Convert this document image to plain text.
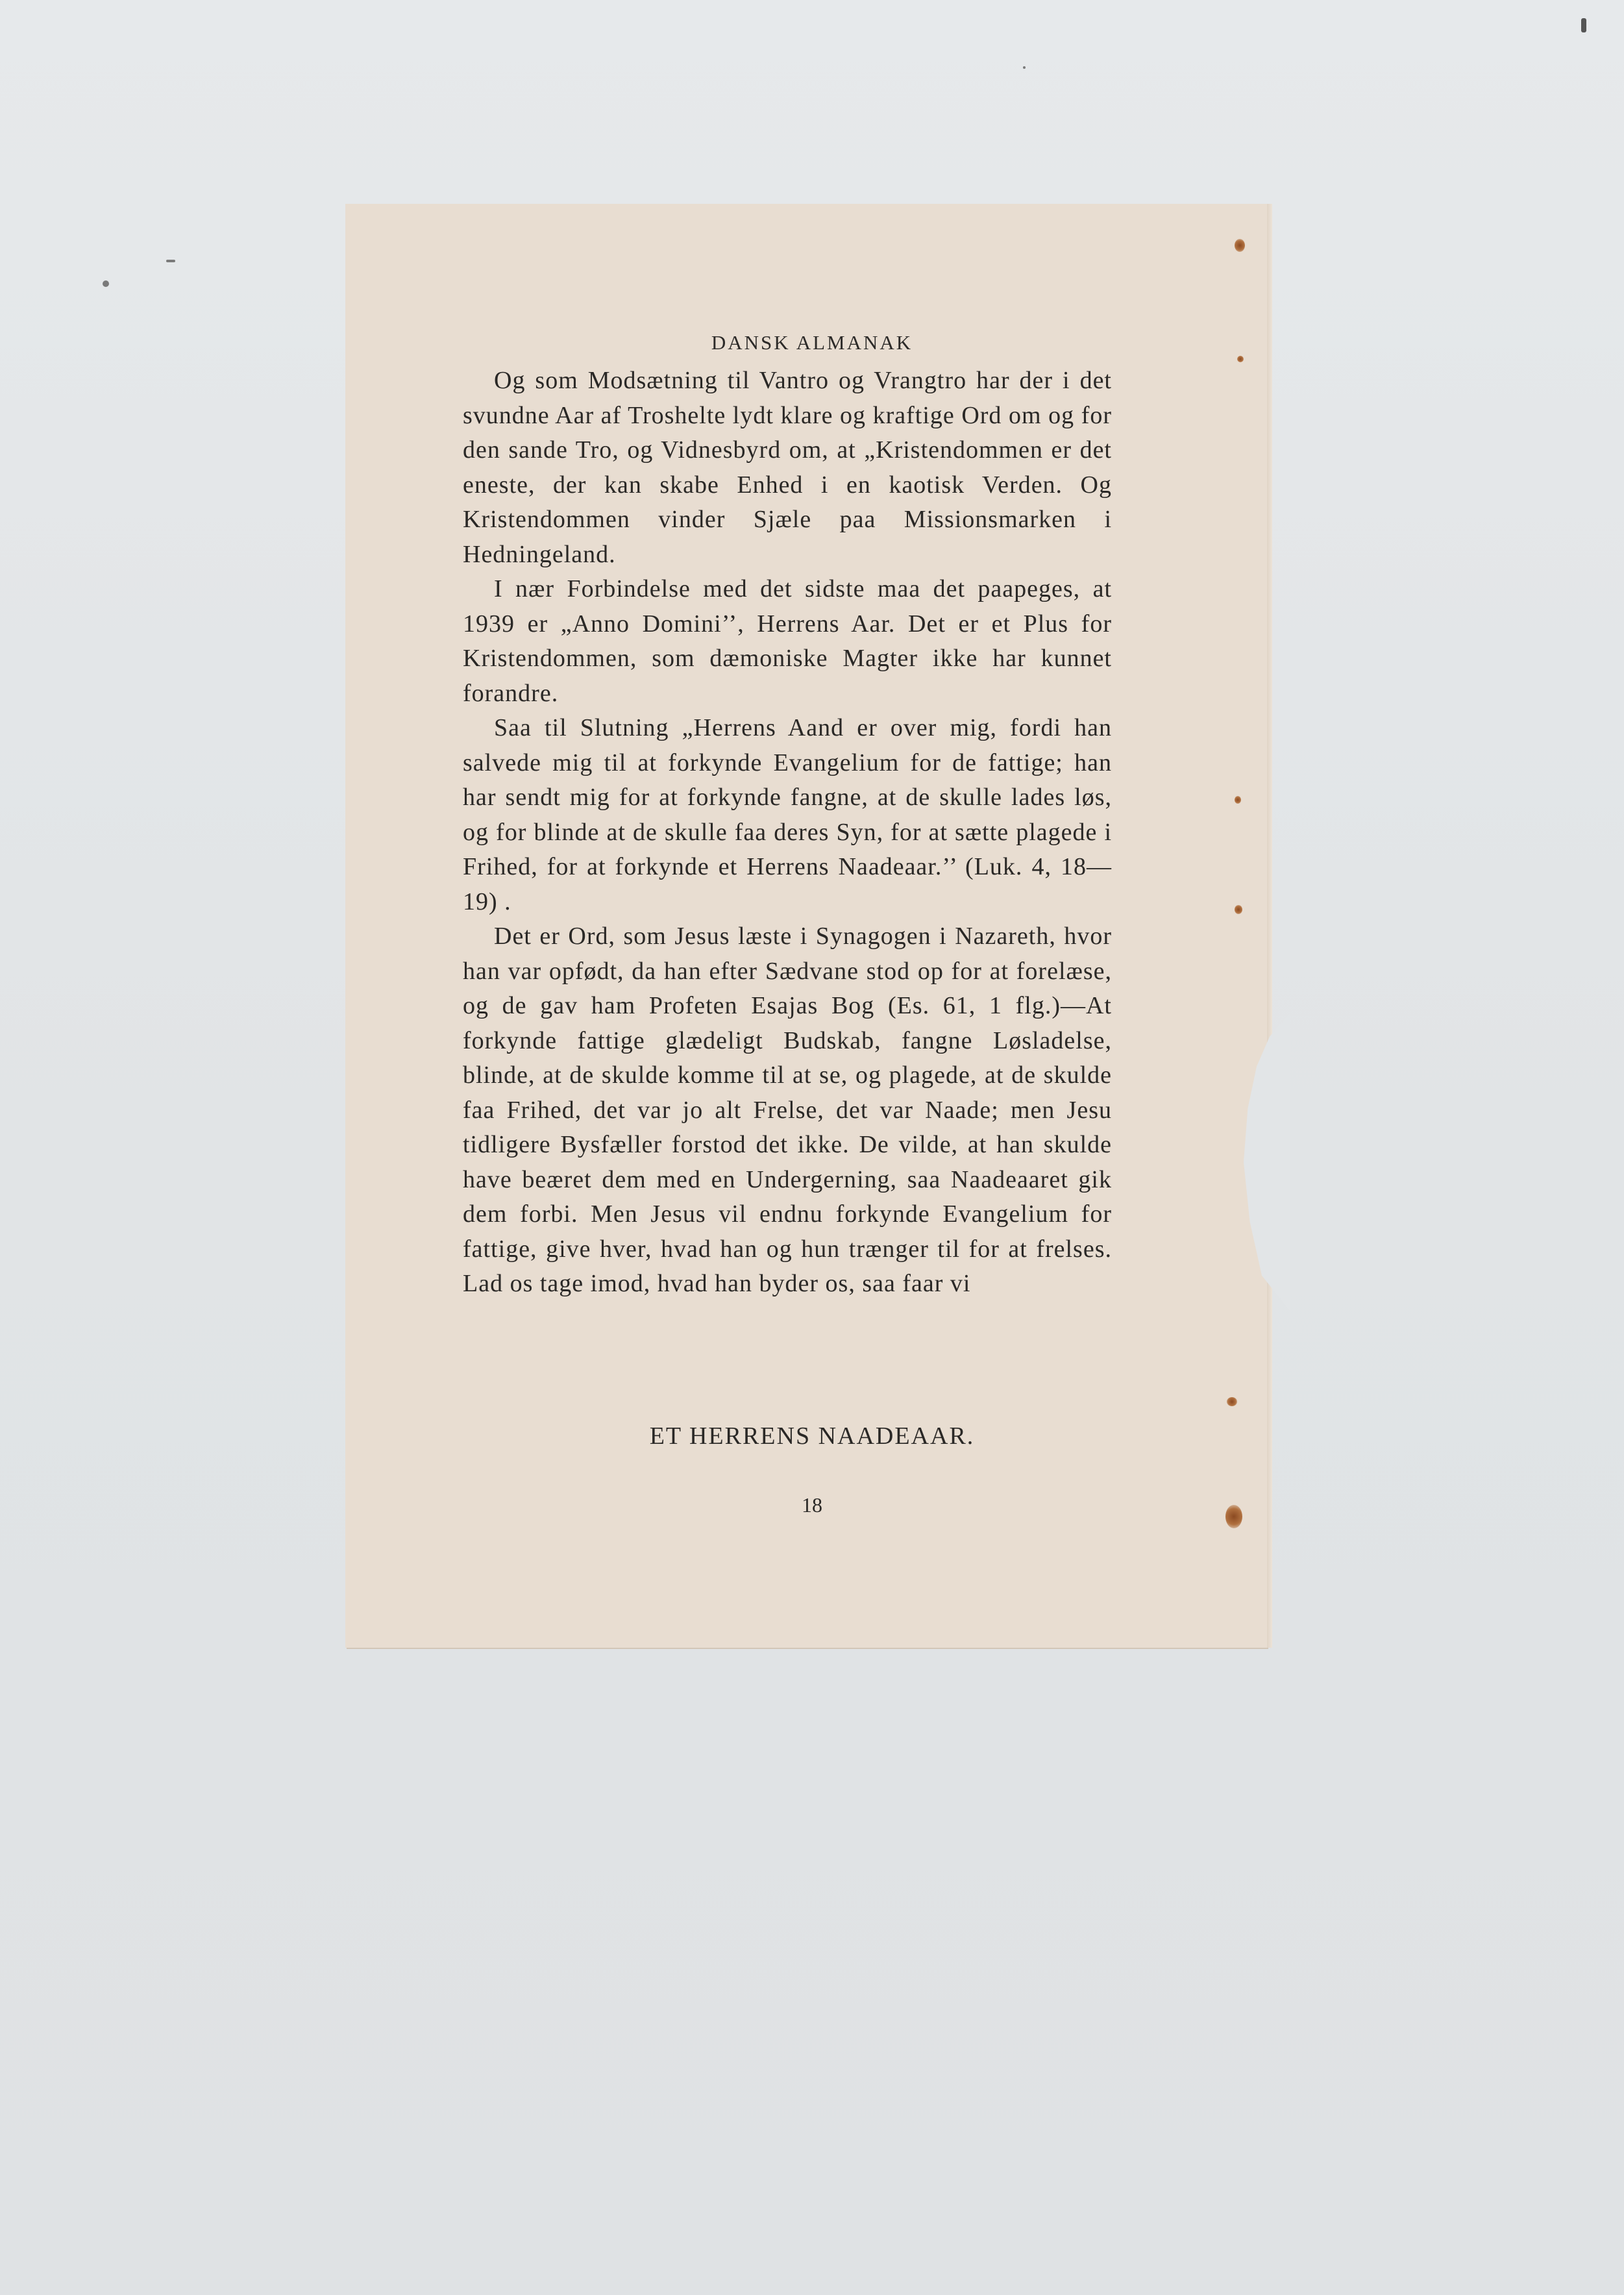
DANSK ALMANAK

Og som Modsætning til Vantro og Vrangtro har der i det svundne Aar af Troshelte lydt klare og kraftige Ord om og for den sande Tro, og Vidnesbyrd om, at „Kristendommen er det eneste, der kan skabe Enhed i en kaotisk Verden. Og Kristendommen vinder Sjæle paa Missionsmarken i Hedningeland.

I nær Forbindelse med det sidste maa det paapeges, at 1939 er „Anno Domini’’, Herrens Aar. Det er et Plus for Kristendommen, som dæmoniske Magter ikke har kunnet forandre.

Saa til Slutning „Herrens Aand er over mig, fordi han salvede mig til at forkynde Evangelium for de fattige; han har sendt mig for at forkynde fangne, at de skulle lades løs, og for blinde at de skulle faa deres Syn, for at sætte plagede i Frihed, for at forkynde et Herrens Naadeaar.’’ (Luk. 4, 18—19) .

Det er Ord, som Jesus læste i Synagogen i Nazareth, hvor han var opfødt, da han efter Sædvane stod op for at forelæse, og de gav ham Profeten Esajas Bog (Es. 61, 1 flg.)—At forkynde fattige glædeligt Budskab, fangne Løsladelse, blinde, at de skulde komme til at se, og plagede, at de skulde faa Frihed, det var jo alt Frelse, det var Naade; men Jesu tidligere Bysfæller forstod det ikke. De vilde, at han skulde have beæret dem med en Undergerning, saa Naadeaaret gik dem forbi. Men Jesus vil endnu forkynde Evangelium for fattige, give hver, hvad han og hun trænger til for at frelses. Lad os tage imod, hvad han byder os, saa faar vi

ET HERRENS NAADEAAR.
18
